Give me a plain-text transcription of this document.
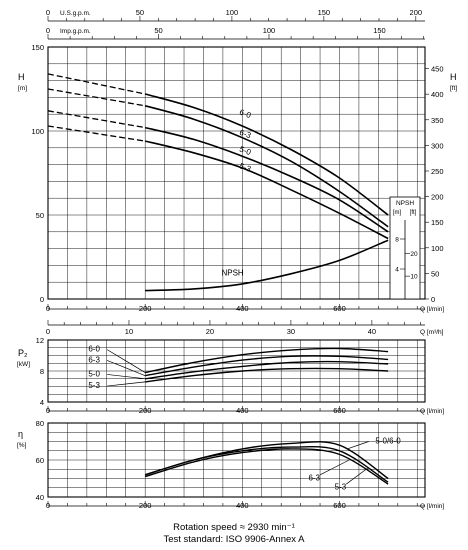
0	50	100	150	200
U.S.g.p.m.
0	50	100	150
Imp.g.p.m.
0	200	400	600	Q [l/min]
0	10	20	30	40	Q [m³/h]
0
50
100
150
H
[m]
0
50
100
150
200
250
300
350
400
450
H
[ft]
NPSH
[m] [ft]
4
8
10
20
4
8
12
P₂
[kW]
0	200	400	600	Q [l/min]
40
60
80
η
[%]
0	200	400	600	Q [l/min]
6-0
6-3
5-0
5-3
NPSH
6-0
6-3
5-0
5-3
5-0/6-0
6-3
5-3
Rotation speed ≈ 2930 min⁻¹
Test standard: ISO 9906-Annex A
